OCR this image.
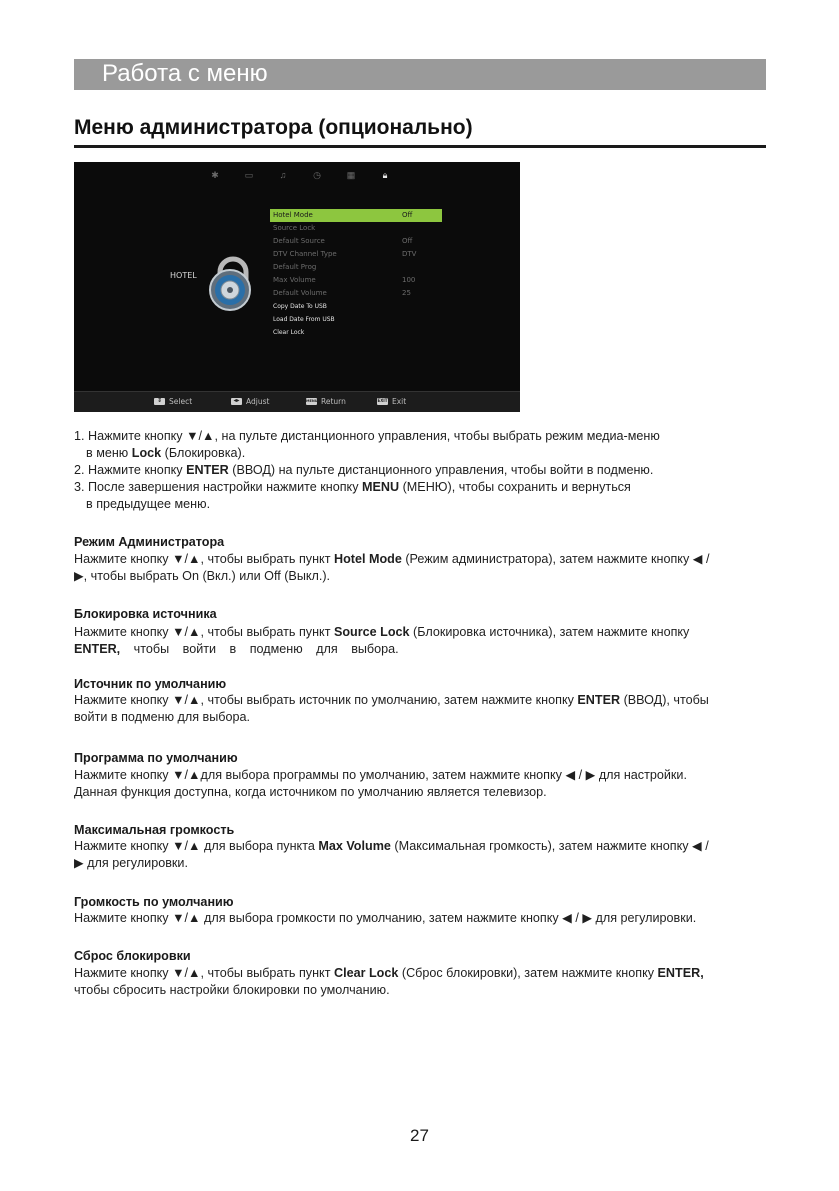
Работа с меню
Меню администратора (опционально)
✱	▭	♫	◷	▦	🔒︎
HOTEL
Hotel Mode	Off
Source Lock
Default Source	Off
DTV Channel Type	DTV
Default Prog
Max Volume	100
Default Volume	25
Copy Date To USB
Load Date From USB
Clear Lock
⇕ Select	◂▸ Adjust	MENU Return	EXIT Exit
1. Нажмите кнопку ▼/▲, на пульте дистанционного управления, чтобы выбрать режим медиа-меню
в меню Lock (Блокировка).
2. Нажмите кнопку ENTER (ВВОД) на пульте дистанционного управления, чтобы войти в подменю.
3. После завершения настройки нажмите кнопку MENU (МЕНЮ), чтобы сохранить и вернуться
в предыдущее меню.
Режим Администратора
Нажмите кнопку ▼/▲, чтобы выбрать пункт Hotel Mode (Режим администратора), затем нажмите кнопку ◀ /
▶, чтобы выбрать On (Вкл.) или Off (Выкл.).
Блокировка источника
Нажмите кнопку ▼/▲, чтобы выбрать пункт Source Lock (Блокировка источника), затем нажмите кнопку
ENTER, чтобы войти в подменю для выбора.
Источник по умолчанию
Нажмите кнопку ▼/▲, чтобы выбрать источник по умолчанию, затем нажмите кнопку ENTER (ВВОД), чтобы
войти в подменю для выбора.
Программа по умолчанию
Нажмите кнопку ▼/▲для выбора программы по умолчанию, затем нажмите кнопку ◀ / ▶ для настройки.
Данная функция доступна, когда источником по умолчанию является телевизор.
Максимальная громкость
Нажмите кнопку ▼/▲ для выбора пункта Max Volume (Максимальная громкость), затем нажмите кнопку ◀ /
▶ для регулировки.
Громкость по умолчанию
Нажмите кнопку ▼/▲ для выбора громкости по умолчанию, затем нажмите кнопку ◀ / ▶ для регулировки.
Сброс блокировки
Нажмите кнопку ▼/▲, чтобы выбрать пункт Clear Lock (Сброс блокировки), затем нажмите кнопку ENTER,
чтобы сбросить настройки блокировки по умолчанию.
27
